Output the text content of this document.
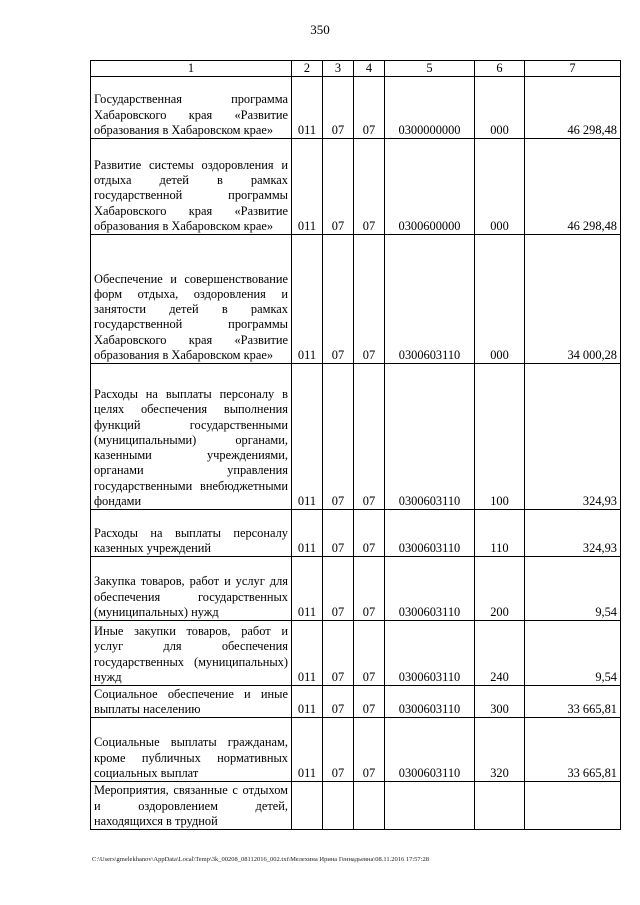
350
1	2	3	4	5	6	7
Государственная программа Хабаровского края «Развитие образования в Хабаровском крае»	011	07	07	0300000000	000	46 298,48
Развитие системы оздоровления и отдыха детей в рамках государственной программы Хабаровского края «Развитие образования в Хабаровском крае»	011	07	07	0300600000	000	46 298,48
Обеспечение и совершенствование форм отдыха, оздоровления и занятости детей в рамках государственной программы Хабаровского края «Развитие образования в Хабаровском крае»	011	07	07	0300603110	000	34 000,28
Расходы на выплаты персоналу в целях обеспечения выполнения функций государственными (муниципальными) органами, казенными учреждениями, органами управления государственными внебюджетными фондами	011	07	07	0300603110	100	324,93
Расходы на выплаты персоналу казенных учреждений	011	07	07	0300603110	110	324,93
Закупка товаров, работ и услуг для обеспечения государственных (муниципальных) нужд	011	07	07	0300603110	200	9,54
Иные закупки товаров, работ и услуг для обеспечения государственных (муниципальных) нужд	011	07	07	0300603110	240	9,54
Социальное обеспечение и иные выплаты населению	011	07	07	0300603110	300	33 665,81
Социальные выплаты гражданам, кроме публичных нормативных социальных выплат	011	07	07	0300603110	320	33 665,81
Мероприятия, связанные с отдыхом и оздоровлением детей, находящихся в трудной						
C:\Users\gmelekhanov\AppData\Local\Temp\3k_00208_08112016_002.txt\Мелехина Ирина Геннадьевна\08.11.2016 17:57:28
